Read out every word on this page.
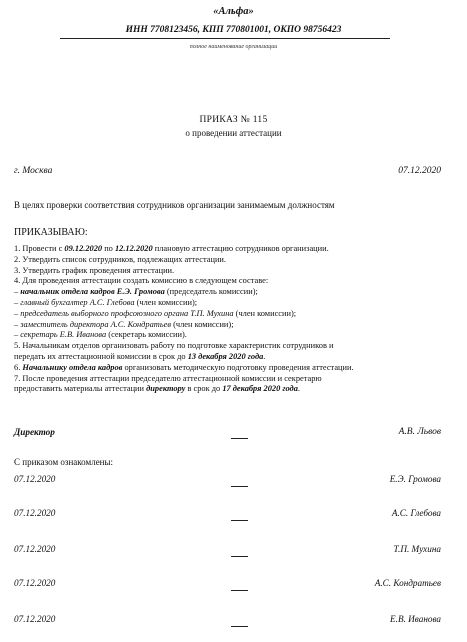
«Альфа»
ИНН 7708123456, КПП 770801001, ОКПО 98756423
полное наименование организации
ПРИКАЗ № 115
о проведении аттестации
г. Москва	07.12.2020
В целях проверки соответствия сотрудников организации занимаемым должностям
ПРИКАЗЫВАЮ:
1. Провести с 09.12.2020 по 12.12.2020 плановую аттестацию сотрудников организации.
2. Утвердить список сотрудников, подлежащих аттестации.
3. Утвердить график проведения аттестации.
4. Для проведения аттестации создать комиссию в следующем составе:
– начальник отдела кадров Е.Э. Громова (председатель комиссии);
– главный бухгалтер А.С. Глебова (член комиссии);
– председатель выборного профсоюзного органа Т.П. Мухина (член комиссии);
– заместитель директора А.С. Кондратьев (член комиссии);
– секретарь Е.В. Иванова (секретарь комиссии).
5. Начальникам отделов организовать работу по подготовке характеристик сотрудников и
передать их аттестационной комиссии в срок до 13 декабря 2020 года.
6. Начальнику отдела кадров организовать методическую подготовку проведения аттестации.
7. После проведения аттестации председателю аттестационной комиссии и секретарю
предоставить материалы аттестации директору в срок до 17 декабря 2020 года.
Директор	А.В. Львов
С приказом ознакомлены:
07.12.2020	Е.Э. Громова
07.12.2020	А.С. Глебова
07.12.2020	Т.П. Мухина
07.12.2020	А.С. Кондратьев
07.12.2020	Е.В. Иванова
